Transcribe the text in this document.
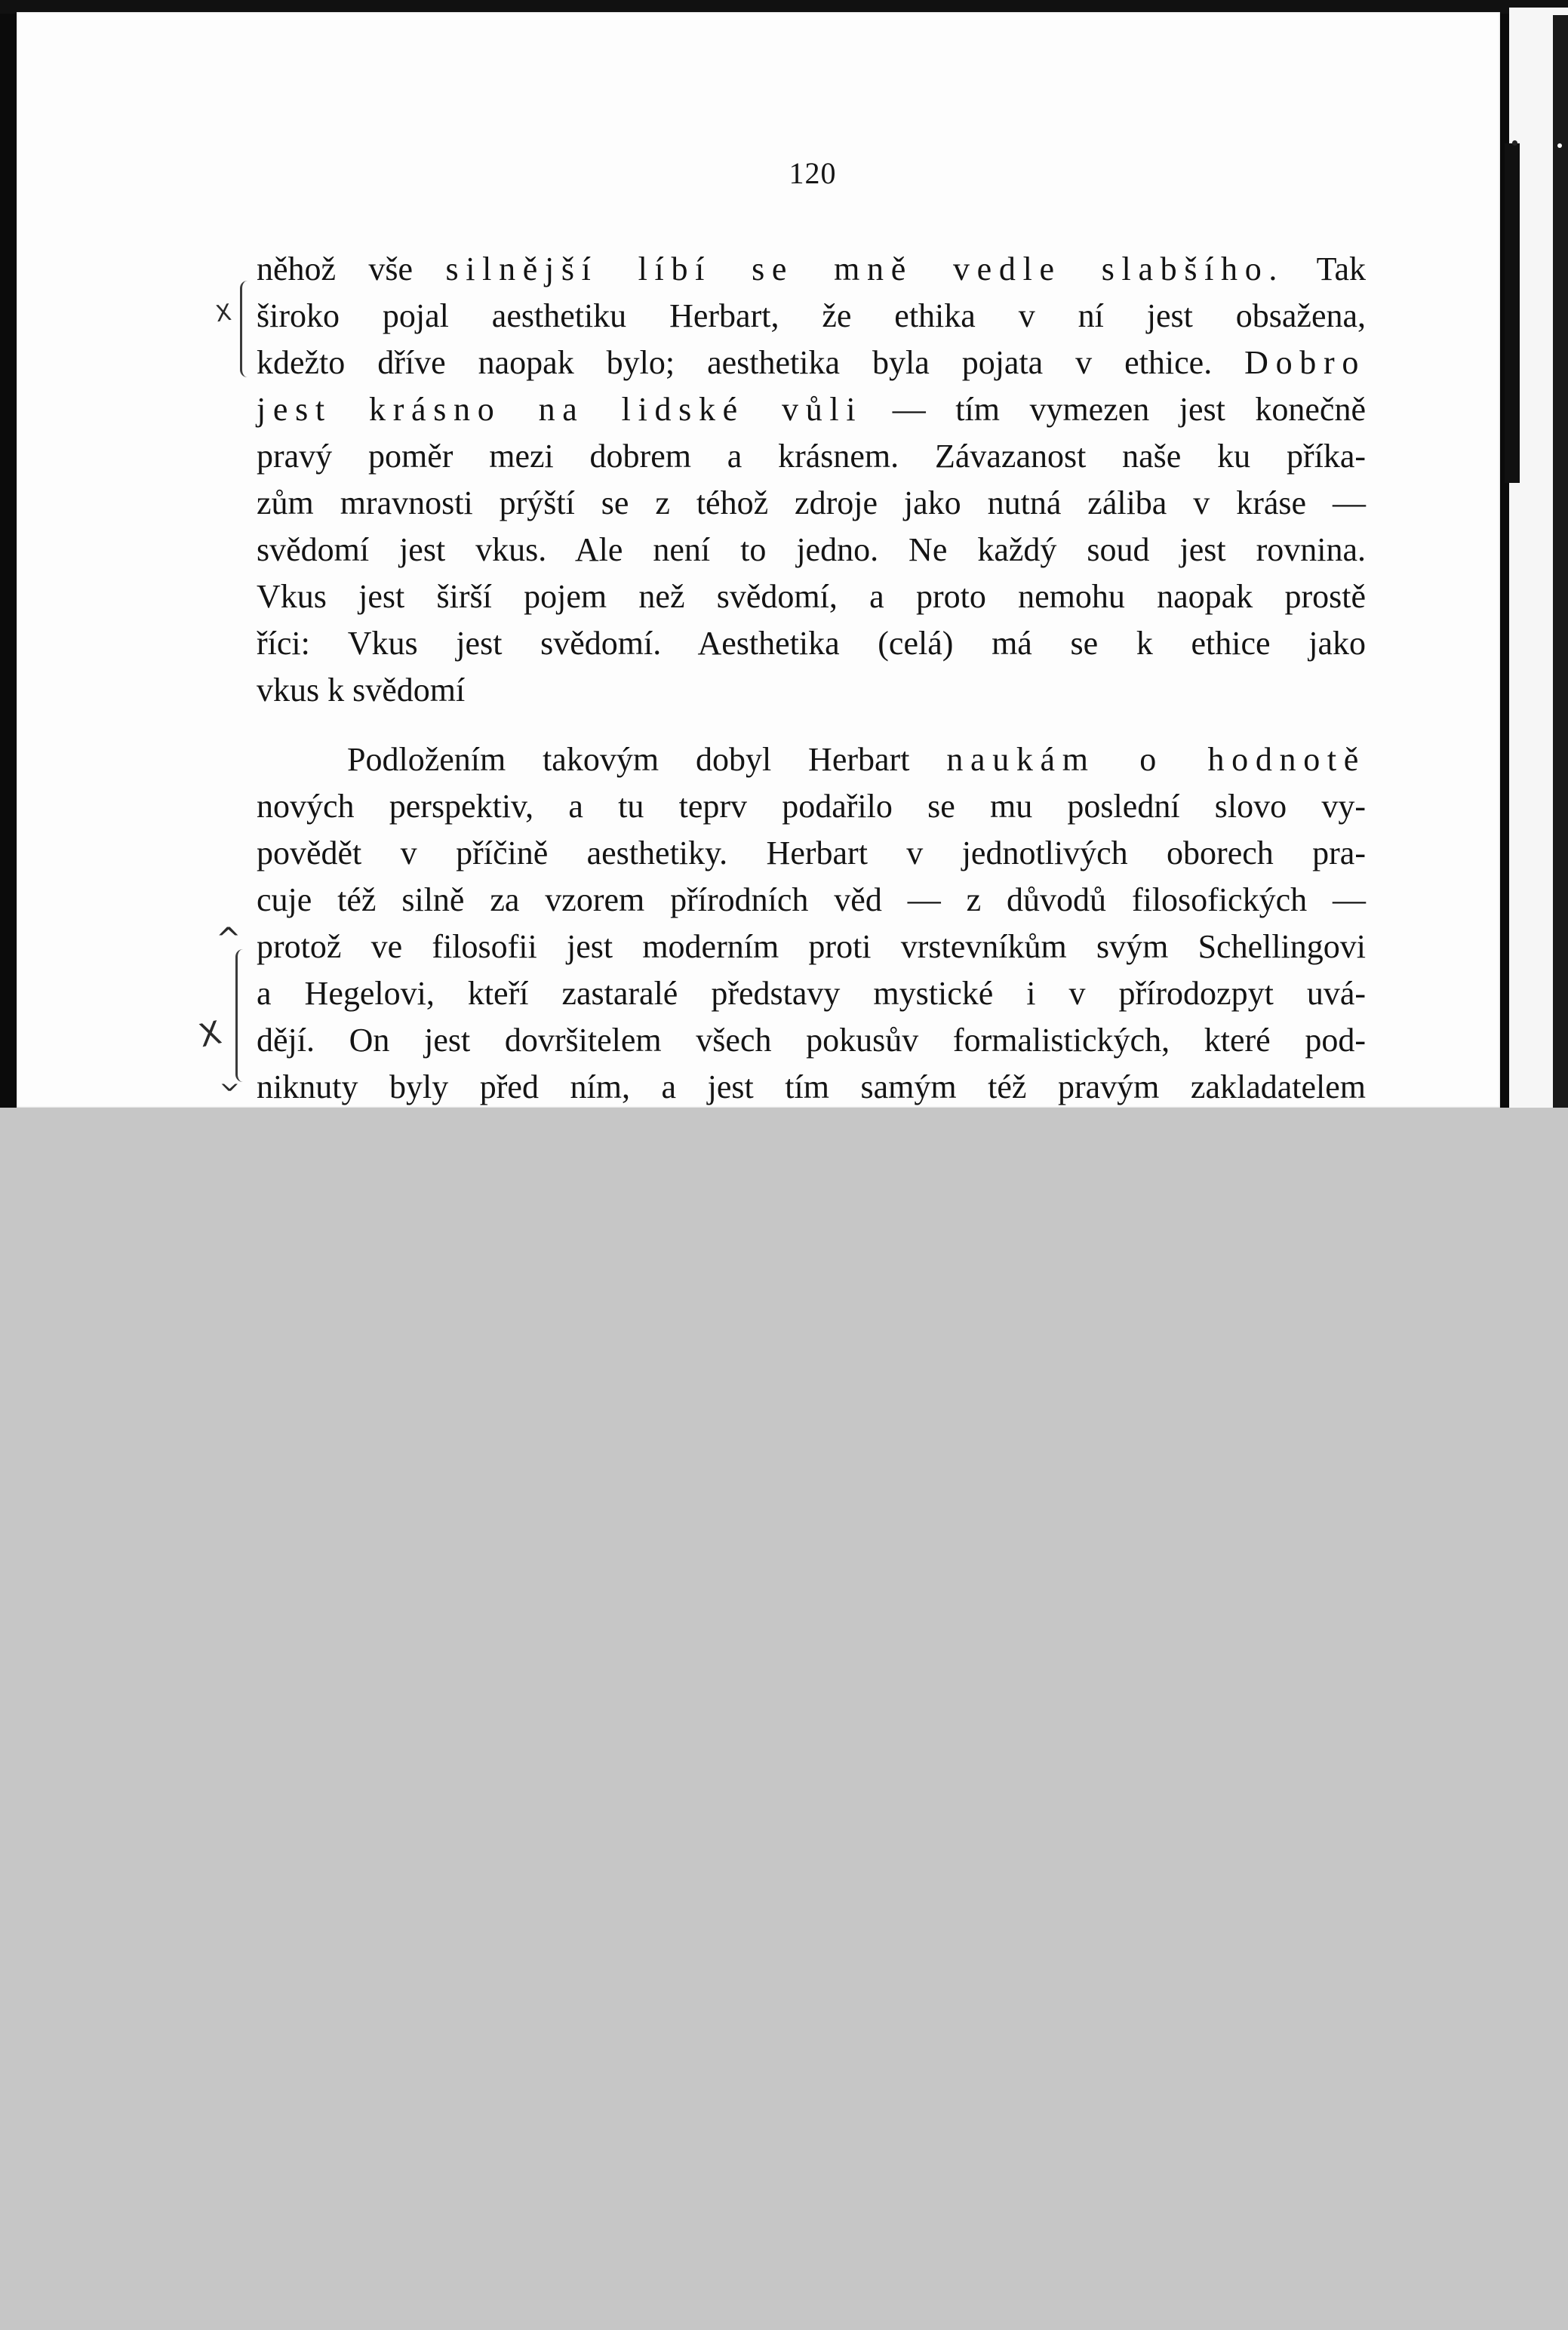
120
X
^
X
^
něhož vše silnější líbí se mně vedle slabšího. Tak
široko pojal aesthetiku Herbart, že ethika v ní jest obsažena,
kdežto dříve naopak bylo; aesthetika byla pojata v ethice. Dobro
jest krásno na lidské vůli — tím vymezen jest konečně
pravý poměr mezi dobrem a krásnem. Závazanost naše ku příka-
zům mravnosti prýští se z téhož zdroje jako nutná záliba v kráse —
svědomí jest vkus. Ale není to jedno. Ne každý soud jest rovnina.
Vkus jest širší pojem než svědomí, a proto nemohu naopak prostě
říci: Vkus jest svědomí. Aesthetika (celá) má se k ethice jako
vkus k svědomí
Podložením takovým dobyl Herbart naukám o hodnotě
nových perspektiv, a tu teprv podařilo se mu poslední slovo vy-
povědět v příčině aesthetiky. Herbart v jednotlivých oborech pra-
cuje též silně za vzorem přírodních věd — z důvodů filosofických —
protož ve filosofii jest moderním proti vrstevníkům svým Schellingovi
a Hegelovi, kteří zastaralé představy mystické i v přírodozpyt uvá-
dějí. On jest dovršitelem všech pokusův formalistických, které pod-
niknuty byly před ním, a jest tím samým též pravým zakladatelem
